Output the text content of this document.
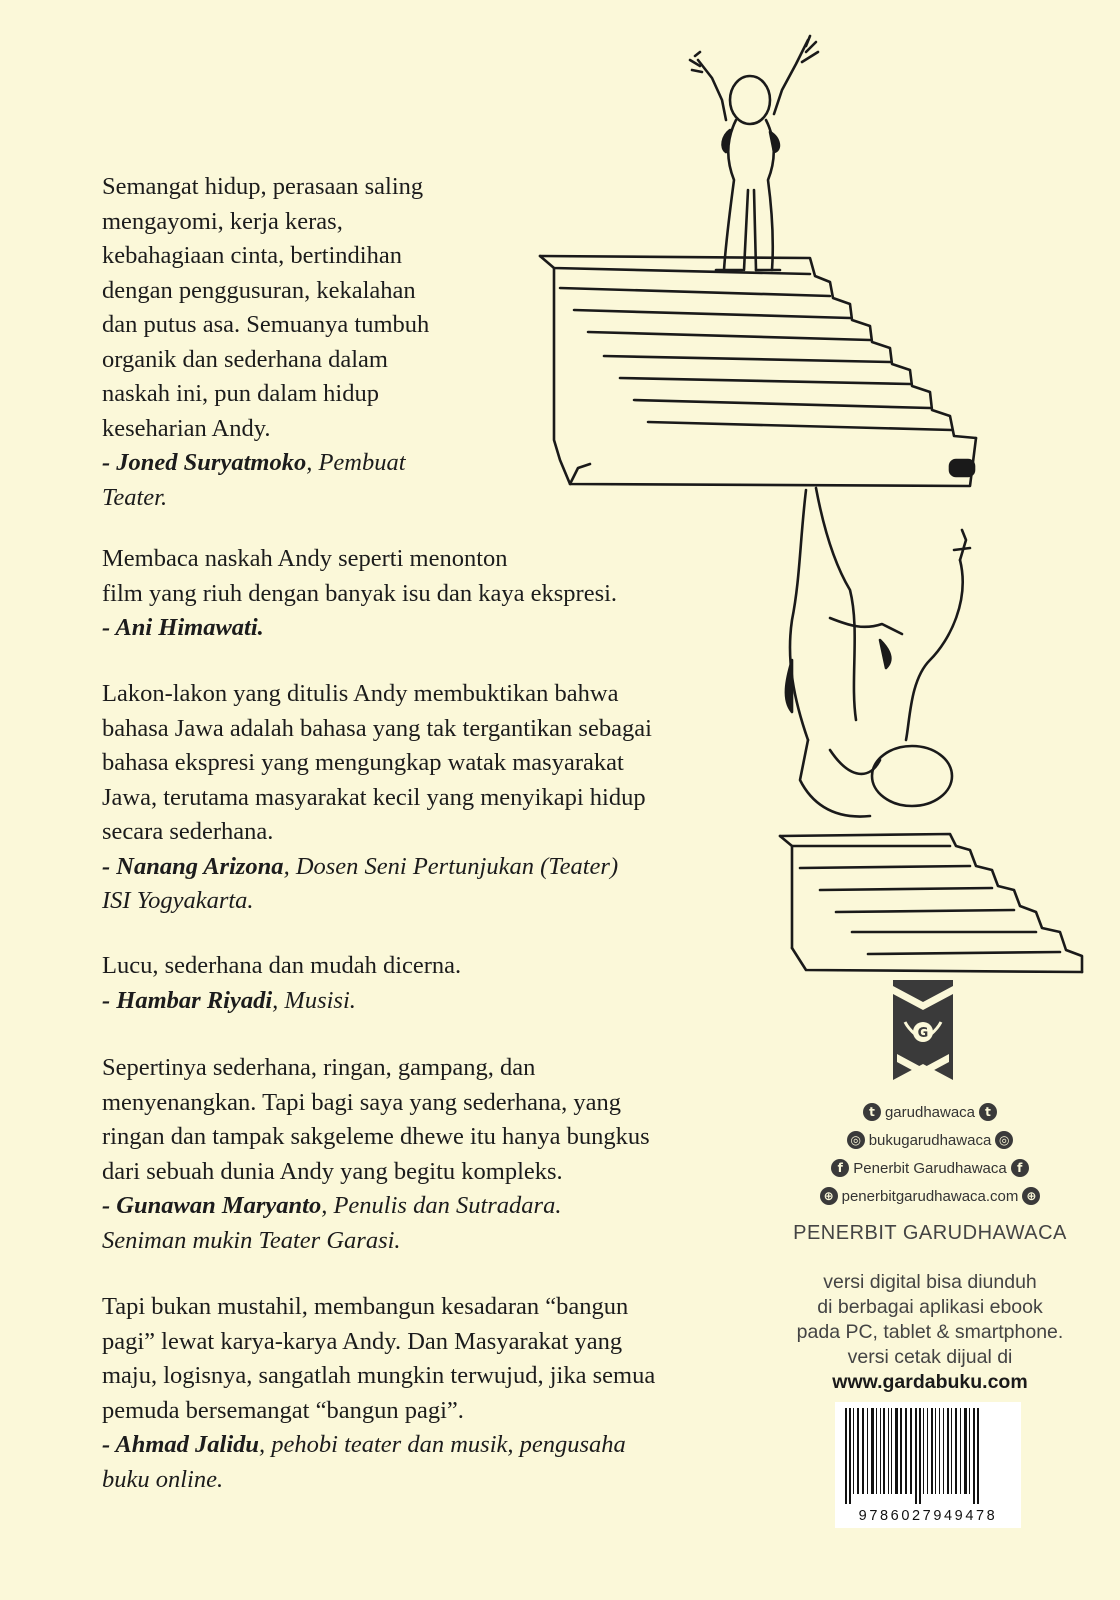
Semangat hidup, perasaan saling

mengayomi, kerja keras,

kebahagiaan cinta, bertindihan

dengan penggusuran, kekalahan

dan putus asa. Semuanya tumbuh

organik dan sederhana dalam

naskah ini, pun dalam hidup

keseharian Andy.

- Joned Suryatmoko, Pembuat

Teater.

Membaca naskah Andy seperti menonton

film yang riuh dengan banyak isu dan kaya ekspresi.

- Ani Himawati.

Lakon-lakon yang ditulis Andy membuktikan bahwa

bahasa Jawa adalah bahasa yang tak tergantikan sebagai

bahasa ekspresi yang mengungkap watak masyarakat

Jawa, terutama masyarakat kecil yang menyikapi hidup

secara sederhana.

- Nanang Arizona, Dosen Seni Pertunjukan (Teater)

ISI Yogyakarta.

Lucu, sederhana dan mudah dicerna.

- Hambar Riyadi, Musisi.

Sepertinya sederhana, ringan, gampang, dan

menyenangkan. Tapi bagi saya yang sederhana, yang

ringan dan tampak sakgeleme dhewe itu hanya bungkus

dari sebuah dunia Andy yang begitu kompleks.

- Gunawan Maryanto, Penulis dan Sutradara.

Seniman mukin Teater Garasi.

Tapi bukan mustahil, membangun kesadaran “bangun

pagi” lewat karya-karya Andy. Dan Masyarakat yang

maju, logisnya, sangatlah mungkin terwujud, jika semua

pemuda bersemangat “bangun pagi”.

- Ahmad Jalidu, pehobi teater dan musik, pengusaha

buku online.

G
t garudhawaca t
◎ bukugarudhawaca ◎
f Penerbit Garudhawaca f
⊕ penerbitgarudhawaca.com ⊕
PENERBIT GARUDHAWACA
versi digital bisa diunduh
di berbagai aplikasi ebook
pada PC, tablet & smartphone.
versi cetak dijual di
www.gardabuku.com
9786027949478
